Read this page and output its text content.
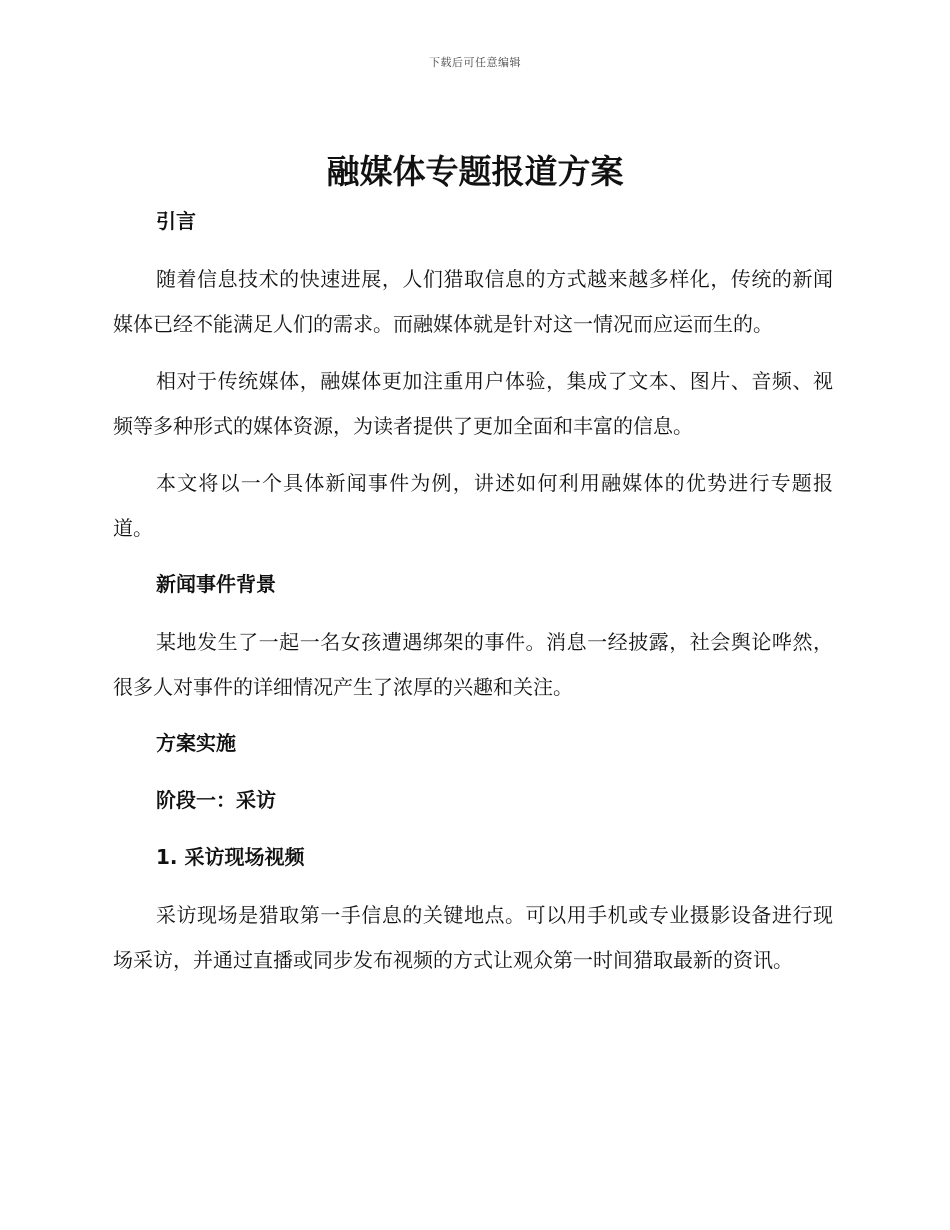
下载后可任意编辑
融媒体专题报道方案
引言

随着信息技术的快速进展，人们猎取信息的方式越来越多样化，传统的新闻媒体已经不能满足人们的需求。而融媒体就是针对这一情况而应运而生的。

相对于传统媒体，融媒体更加注重用户体验，集成了文本、图片、音频、视频等多种形式的媒体资源，为读者提供了更加全面和丰富的信息。

本文将以一个具体新闻事件为例，讲述如何利用融媒体的优势进行专题报道。

新闻事件背景

某地发生了一起一名女孩遭遇绑架的事件。消息一经披露，社会舆论哗然，很多人对事件的详细情况产生了浓厚的兴趣和关注。

方案实施
阶段一：采访
1. 采访现场视频

采访现场是猎取第一手信息的关键地点。可以用手机或专业摄影设备进行现场采访，并通过直播或同步发布视频的方式让观众第一时间猎取最新的资讯。
